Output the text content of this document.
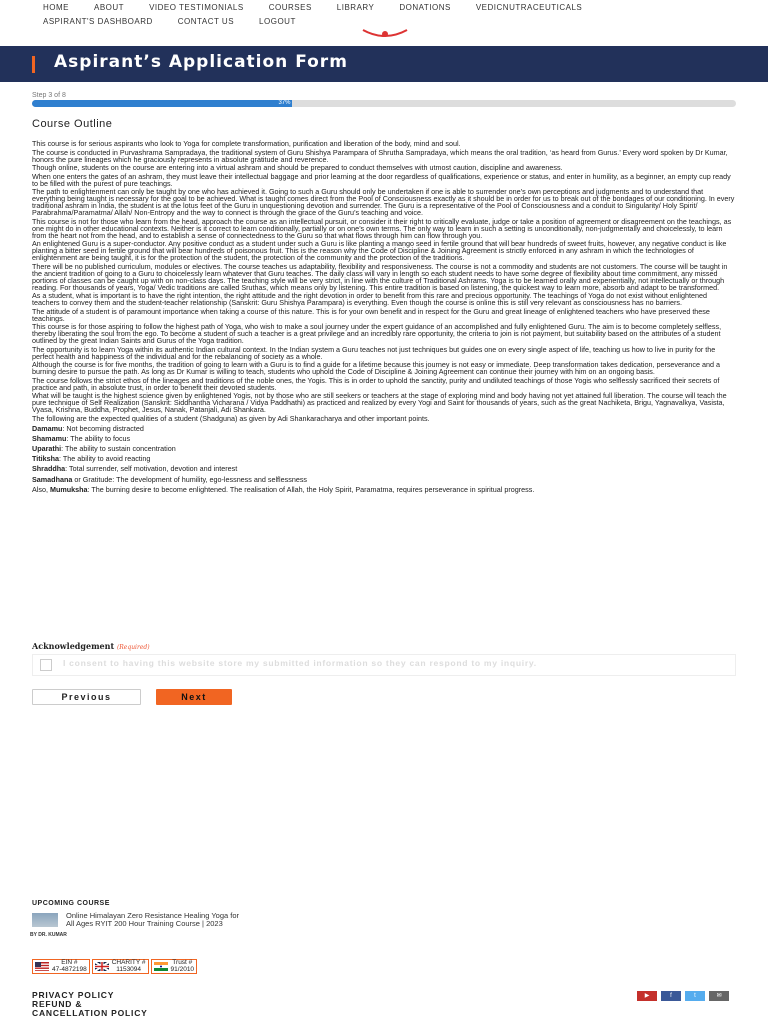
HOME	ABOUT	VIDEO TESTIMONIALS	COURSES	LIBRARY	DONATIONS	VEDICNUTRACEUTICALS
ASPIRANT'S DASHBOARD	CONTACT US	LOGOUT
Aspirant’s Application Form
Step 3 of 8
37%
Course Outline

This course is for serious aspirants who look to Yoga for complete transformation, purification and liberation of the body, mind and soul.

The course is conducted in Purvashrama Sampradaya, the traditional system of Guru Shishya Parampara of Shrutha Sampradaya, which means the oral tradition, ‘as heard from Gurus.’ Every word spoken by Dr Kumar, honors the pure lineages which he graciously represents in absolute gratitude and reverence.

Though online, students on the course are entering into a virtual ashram and should be prepared to conduct themselves with utmost caution, discipline and awareness.

When one enters the gates of an ashram, they must leave their intellectual baggage and prior learning at the door regardless of qualifications, experience or status, and enter in humility, as a beginner, an empty cup ready to be filled with the purest of pure teachings.

The path to enlightenment can only be taught by one who has achieved it. Going to such a Guru should only be undertaken if one is able to surrender one’s own perceptions and judgments and to understand that everything being taught is necessary for the goal to be achieved. What is taught comes direct from the Pool of Consciousness exactly as it should be in order for us to break out of the bondages of our conditioning. In every traditional ashram in India, the student is at the lotus feet of the Guru in unquestioning devotion and surrender. The Guru is a representative of the Pool of Consciousness and a conduit to Singularity/ Holy Spirit/ Parabrahma/Paramatma/ Allah/ Non-Entropy and the way to connect is through the grace of the Guru’s teaching and voice.

This course is not for those who learn from the head, approach the course as an intellectual pursuit, or consider it their right to critically evaluate, judge or take a position of agreement or disagreement on the teachings, as one might do in other educational contexts. Neither is it correct to learn conditionally, partially or on one’s own terms. The only way to learn in such a setting is unconditionally, non-judgmentally and choicelessly, to learn from the heart not from the head, and to establish a sense of connectedness to the Guru so that what flows through him can flow through you.

An enlightened Guru is a super-conductor. Any positive conduct as a student under such a Guru is like planting a mango seed in fertile ground that will bear hundreds of sweet fruits, however, any negative conduct is like planting a bitter seed in fertile ground that will bear hundreds of poisonous fruit. This is the reason why the Code of Discipline & Joining Agreement is strictly enforced in any ashram in which the technologies of enlightenment are being taught, it is for the protection of the student, the protection of the community and the protection of the traditions.

There will be no published curriculum, modules or electives. The course teaches us adaptability, flexibility and responsiveness. The course is not a commodity and students are not customers. The course will be taught in the ancient tradition of going to a Guru to choicelessly learn whatever that Guru teaches. The daily class will vary in length so each student needs to have some degree of flexibility about time commitment, any missed portions of classes can be caught up with on non-class days. The teaching style will be very strict, in line with the culture of Traditional Ashrams. Yoga is to be learned orally and experientially, not intellectually or through reading. For thousands of years, Yoga/ Vedic traditions are called Sruthas, which means only by listening. This entire tradition is based on listening, the quickest way to learn more, absorb and adapt to be transformed.

As a student, what is important is to have the right intention, the right attitude and the right devotion in order to benefit from this rare and precious opportunity. The teachings of Yoga do not exist without enlightened teachers to convey them and the student-teacher relationship (Sanskrit: Guru Shishya Parampara) is everything. Even though the course is online this is still very relevant as consciousness has no barriers.

The attitude of a student is of paramount importance when taking a course of this nature. This is for your own benefit and in respect for the Guru and great lineage of enlightened teachers who have preserved these teachings.

This course is for those aspiring to follow the highest path of Yoga, who wish to make a soul journey under the expert guidance of an accomplished and fully enlightened Guru. The aim is to become completely selfless, thereby liberating the soul from the ego. To become a student of such a teacher is a great privilege and an incredibly rare opportunity, the criteria to join is not payment, but suitability based on the attributes of a student outlined by the great Indian Saints and Gurus of the Yoga tradition.

The opportunity is to learn Yoga within its authentic Indian cultural context. In the Indian system a Guru teaches not just techniques but guides one on every single aspect of life, teaching us how to live in purity for the perfect health and happiness of the individual and for the rebalancing of society as a whole.

Although the course is for five months, the tradition of going to learn with a Guru is to find a guide for a lifetime because this journey is not easy or immediate. Deep transformation takes dedication, perseverance and a burning desire to pursue the path. As long as Dr Kumar is willing to teach, students who uphold the Code of Discipline & Joining Agreement can continue their journey with him on an ongoing basis.

The course follows the strict ethos of the lineages and traditions of the noble ones, the Yogis. This is in order to uphold the sanctity, purity and undiluted teachings of those Yogis who selflessly sacrificed their secrets of practice and path, in absolute trust, in order to benefit their devoted students.

What will be taught is the highest science given by enlightened Yogis, not by those who are still seekers or teachers at the stage of exploring mind and body having not yet attained full liberation. The course will teach the pure technique of Self Realization (Sanskrit: Siddhantha Vicharana / Vidya Paddhathi) as practiced and realized by every Yogi and Saint for thousands of years, such as the great Nachiketa, Brigu, Yagnavalkya, Vasista, Vyasa, Krishna, Buddha, Prophet, Jesus, Nanak, Patanjali, Adi Shankara.

The following are the expected qualities of a student (Shadguna) as given by Adi Shankaracharya and other important points.

Damamu: Not becoming distracted

Shamamu: The ability to focus

Uparathi: The ability to sustain concentration

Titiksha: The ability to avoid reacting

Shraddha: Total surrender, self motivation, devotion and interest

Samadhana or Gratitude: The development of humility, ego-lessness and selflessness

Also, Mumuksha: The burning desire to become enlightened. The realisation of Allah, the Holy Spirit, Paramatma, requires perseverance in spiritual progress.

Acknowledgement (Required)
I consent to having this website store my submitted information so they can respond to my inquiry.
Previous	Next
UPCOMING COURSE
Online Himalayan Zero Resistance Healing Yoga for All Ages RYIT 200 Hour Training Course | 2023
BY DR. KUMAR
EIN #
47-4872198
CHARITY #
1153094
Trust #
91/2010
PRIVACY POLICY
REFUND &
CANCELLATION POLICY
▶	f	t	✉
